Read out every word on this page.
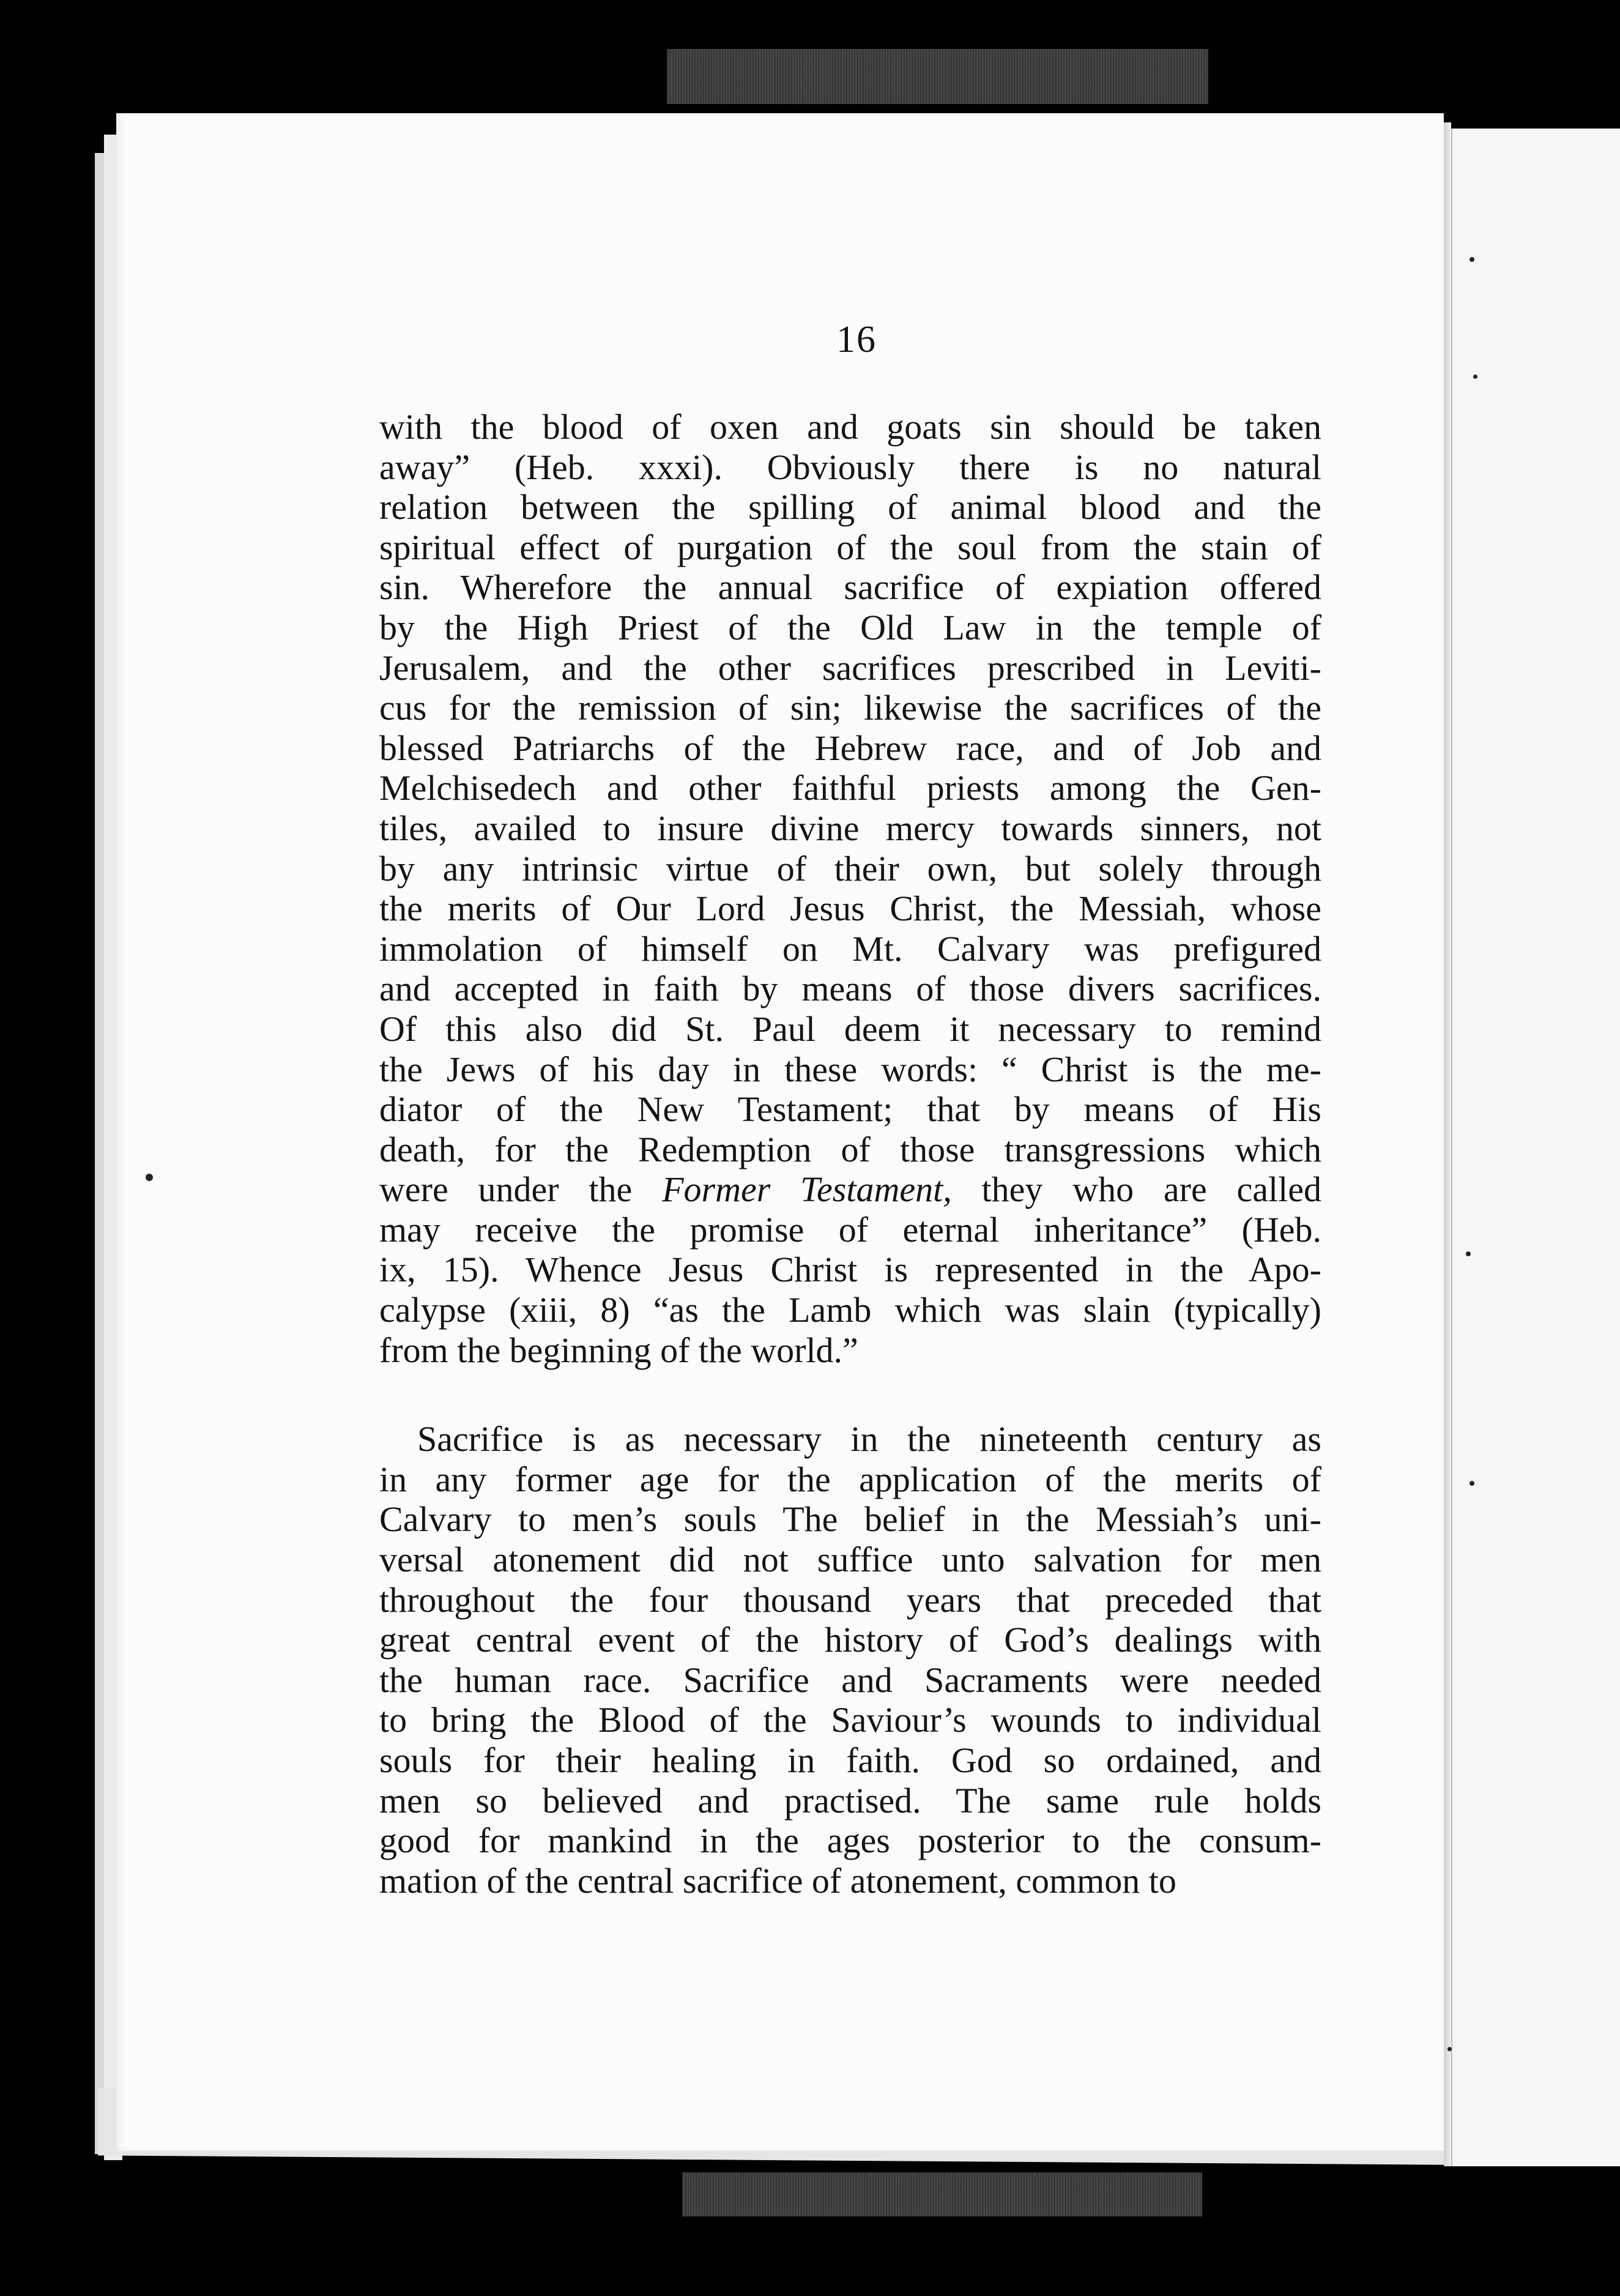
16

with the blood of oxen and goats sin should be taken
away” (Heb. xxxi). Obviously there is no natural
relation between the spilling of animal blood and the
spiritual effect of purgation of the soul from the stain of
sin. Wherefore the annual sacrifice of expiation offered
by the High Priest of the Old Law in the temple of
Jerusalem, and the other sacrifices prescribed in Leviti-
cus for the remission of sin; likewise the sacrifices of the
blessed Patriarchs of the Hebrew race, and of Job and
Melchisedech and other faithful priests among the Gen-
tiles, availed to insure divine mercy towards sinners, not
by any intrinsic virtue of their own, but solely through
the merits of Our Lord Jesus Christ, the Messiah, whose
immolation of himself on Mt. Calvary was prefigured
and accepted in faith by means of those divers sacrifices.
Of this also did St. Paul deem it necessary to remind
the Jews of his day in these words: “ Christ is the me-
diator of the New Testament; that by means of His
death, for the Redemption of those transgressions which
were under the Former Testament, they who are called
may receive the promise of eternal inheritance” (Heb.
ix, 15). Whence Jesus Christ is represented in the Apo-
calypse (xiii, 8) “as the Lamb which was slain (typically)
from the beginning of the world.”

Sacrifice is as necessary in the nineteenth century as
in any former age for the application of the merits of
Calvary to men’s souls The belief in the Messiah’s uni-
versal atonement did not suffice unto salvation for men
throughout the four thousand years that preceded that
great central event of the history of God’s dealings with
the human race. Sacrifice and Sacraments were needed
to bring the Blood of the Saviour’s wounds to individual
souls for their healing in faith. God so ordained, and
men so believed and practised. The same rule holds
good for mankind in the ages posterior to the consum-
mation of the central sacrifice of atonement, common to
